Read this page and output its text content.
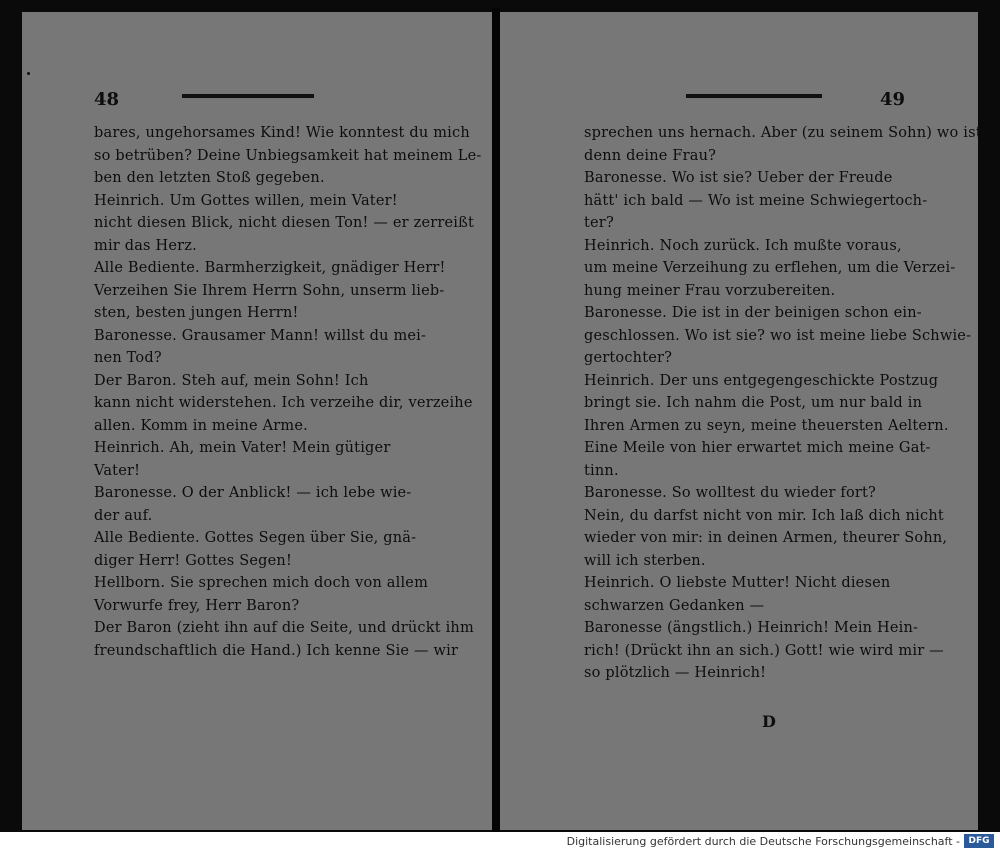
48
bares, ungehorsames Kind! Wie konntest du mich
so betrüben? Deine Unbiegsamkeit hat meinem Le-
ben den letzten Stoß gegeben.
Heinrich. Um Gottes willen, mein Vater!
nicht diesen Blick, nicht diesen Ton! — er zerreißt
mir das Herz.
Alle Bediente. Barmherzigkeit, gnädiger Herr!
Verzeihen Sie Ihrem Herrn Sohn, unserm lieb-
sten, besten jungen Herrn!
Baronesse. Grausamer Mann! willst du mei-
nen Tod?
Der Baron. Steh auf, mein Sohn! Ich
kann nicht widerstehen. Ich verzeihe dir, verzeihe
allen. Komm in meine Arme.
Heinrich. Ah, mein Vater! Mein gütiger
Vater!
Baronesse. O der Anblick! — ich lebe wie-
der auf.
Alle Bediente. Gottes Segen über Sie, gnä-
diger Herr! Gottes Segen!
Hellborn. Sie sprechen mich doch von allem
Vorwurfe frey, Herr Baron?
Der Baron (zieht ihn auf die Seite, und drückt ihm
freundschaftlich die Hand.) Ich kenne Sie — wir
49
sprechen uns hernach. Aber (zu seinem Sohn) wo ist
denn deine Frau?
Baronesse. Wo ist sie? Ueber der Freude
hätt' ich bald — Wo ist meine Schwiegertoch-
ter?
Heinrich. Noch zurück. Ich mußte voraus,
um meine Verzeihung zu erflehen, um die Verzei-
hung meiner Frau vorzubereiten.
Baronesse. Die ist in der beinigen schon ein-
geschlossen. Wo ist sie? wo ist meine liebe Schwie-
gertochter?
Heinrich. Der uns entgegengeschickte Postzug
bringt sie. Ich nahm die Post, um nur bald in
Ihren Armen zu seyn, meine theuersten Aeltern.
Eine Meile von hier erwartet mich meine Gat-
tinn.
Baronesse. So wolltest du wieder fort?
Nein, du darfst nicht von mir. Ich laß dich nicht
wieder von mir: in deinen Armen, theurer Sohn,
will ich sterben.
Heinrich. O liebste Mutter! Nicht diesen
schwarzen Gedanken —
Baronesse (ängstlich.) Heinrich! Mein Hein-
rich! (Drückt ihn an sich.) Gott! wie wird mir —
so plötzlich — Heinrich!
D
Digitalisierung gefördert durch die Deutsche Forschungsgemeinschaft - DFG
